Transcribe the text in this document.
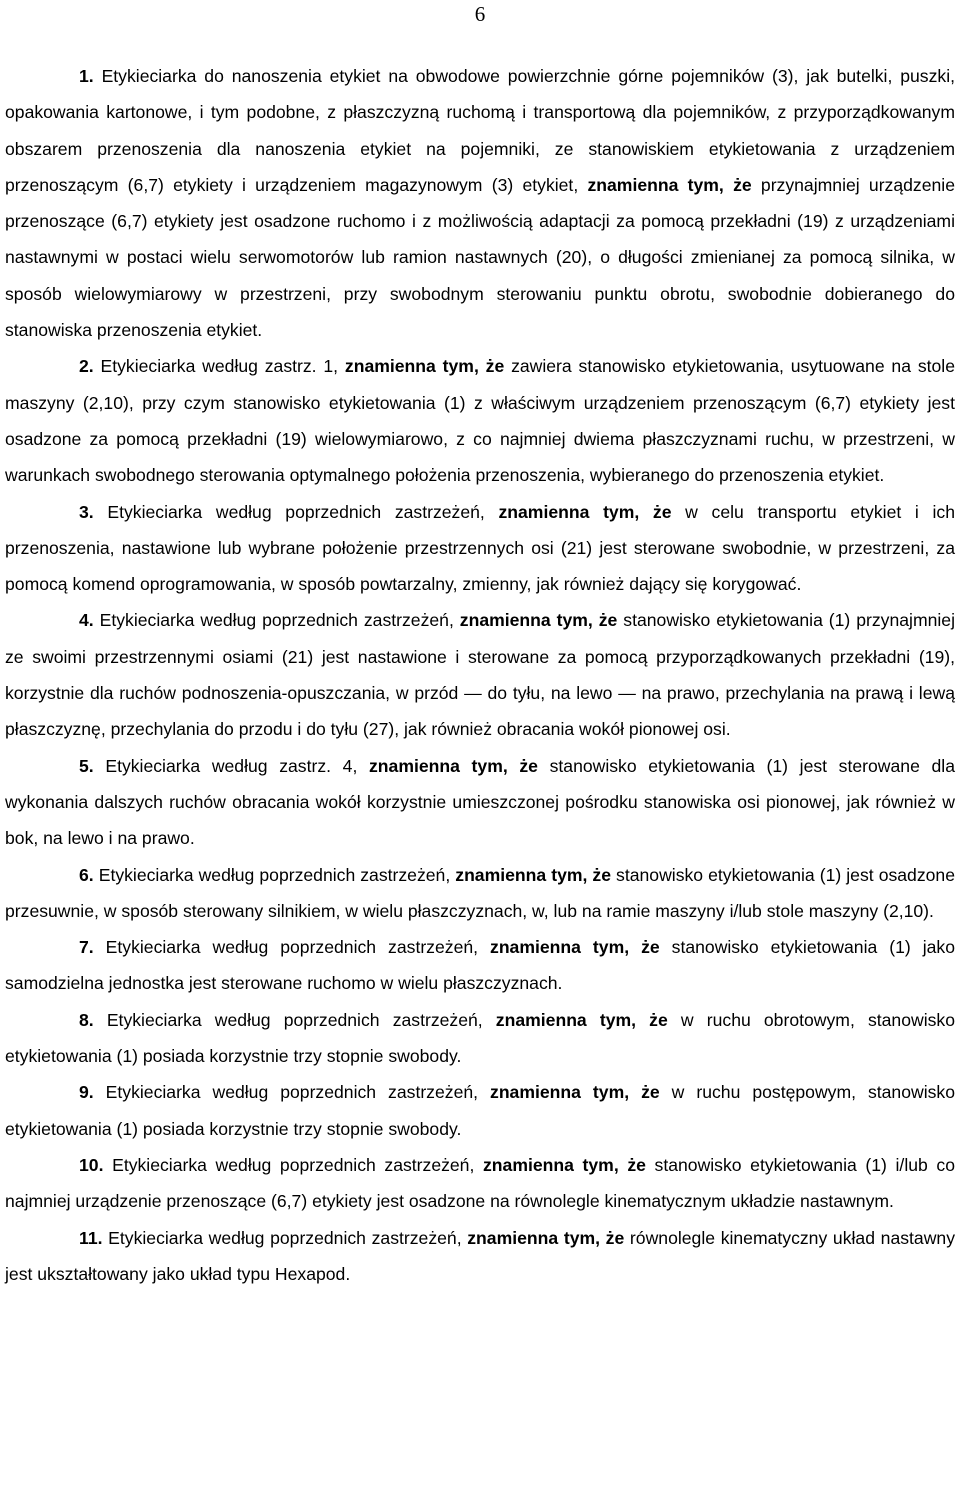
6

1. Etykieciarka do nanoszenia etykiet na obwodowe powierzchnie górne pojemników (3), jak butelki, puszki, opakowania kartonowe, i tym podobne, z płaszczyzną ruchomą i transportową dla pojemników, z przyporządkowanym obszarem przenoszenia dla nanoszenia etykiet na pojemniki, ze stanowiskiem etykietowania z urządzeniem przenoszącym (6,7) etykiety i urządzeniem magazynowym (3) etykiet, znamienna tym, że przynajmniej urządzenie przenoszące (6,7) etykiety jest osadzone ruchomo i z możliwością adaptacji za pomocą przekładni (19) z urządzeniami nastawnymi w postaci wielu serwomotorów lub ramion nastawnych (20), o długości zmienianej za pomocą silnika, w sposób wielowymiarowy w przestrzeni, przy swobodnym sterowaniu punktu obrotu, swobodnie dobieranego do stanowiska przenoszenia etykiet.

2. Etykieciarka według zastrz. 1, znamienna tym, że zawiera stanowisko etykietowania, usytuowane na stole maszyny (2,10), przy czym stanowisko etykietowania (1) z właściwym urządzeniem przenoszącym (6,7) etykiety jest osadzone za pomocą przekładni (19) wielowymiarowo, z co najmniej dwiema płaszczyznami ruchu, w przestrzeni, w warunkach swobodnego sterowania optymalnego położenia przenoszenia, wybieranego do przenoszenia etykiet.

3. Etykieciarka według poprzednich zastrzeżeń, znamienna tym, że w celu transportu etykiet i ich przenoszenia, nastawione lub wybrane położenie przestrzennych osi (21) jest sterowane swobodnie, w przestrzeni, za pomocą komend oprogramowania, w sposób powtarzalny, zmienny, jak również dający się korygować.

4. Etykieciarka według poprzednich zastrzeżeń, znamienna tym, że stanowisko etykietowania (1) przynajmniej ze swoimi przestrzennymi osiami (21) jest nastawione i sterowane za pomocą przyporządkowanych przekładni (19), korzystnie dla ruchów podnoszenia-opuszczania, w przód — do tyłu, na lewo — na prawo, przechylania na prawą i lewą płaszczyznę, przechylania do przodu i do tyłu (27), jak również obracania wokół pionowej osi.

5. Etykieciarka według zastrz. 4, znamienna tym, że stanowisko etykietowania (1) jest sterowane dla wykonania dalszych ruchów obracania wokół korzystnie umieszczonej pośrodku stanowiska osi pionowej, jak również w bok, na lewo i na prawo.

6. Etykieciarka według poprzednich zastrzeżeń, znamienna tym, że stanowisko etykietowania (1) jest osadzone przesuwnie, w sposób sterowany silnikiem, w wielu płaszczyznach, w, lub na ramie maszyny i/lub stole maszyny (2,10).

7. Etykieciarka według poprzednich zastrzeżeń, znamienna tym, że stanowisko etykietowania (1) jako samodzielna jednostka jest sterowane ruchomo w wielu płaszczyznach.

8. Etykieciarka według poprzednich zastrzeżeń, znamienna tym, że w ruchu obrotowym, stanowisko etykietowania (1) posiada korzystnie trzy stopnie swobody.

9. Etykieciarka według poprzednich zastrzeżeń, znamienna tym, że w ruchu postępowym, stanowisko etykietowania (1) posiada korzystnie trzy stopnie swobody.

10. Etykieciarka według poprzednich zastrzeżeń, znamienna tym, że stanowisko etykietowania (1) i/lub co najmniej urządzenie przenoszące (6,7) etykiety jest osadzone na równolegle kinematycznym układzie nastawnym.

11. Etykieciarka według poprzednich zastrzeżeń, znamienna tym, że równolegle kinematyczny układ nastawny jest ukształtowany jako układ typu Hexapod.
